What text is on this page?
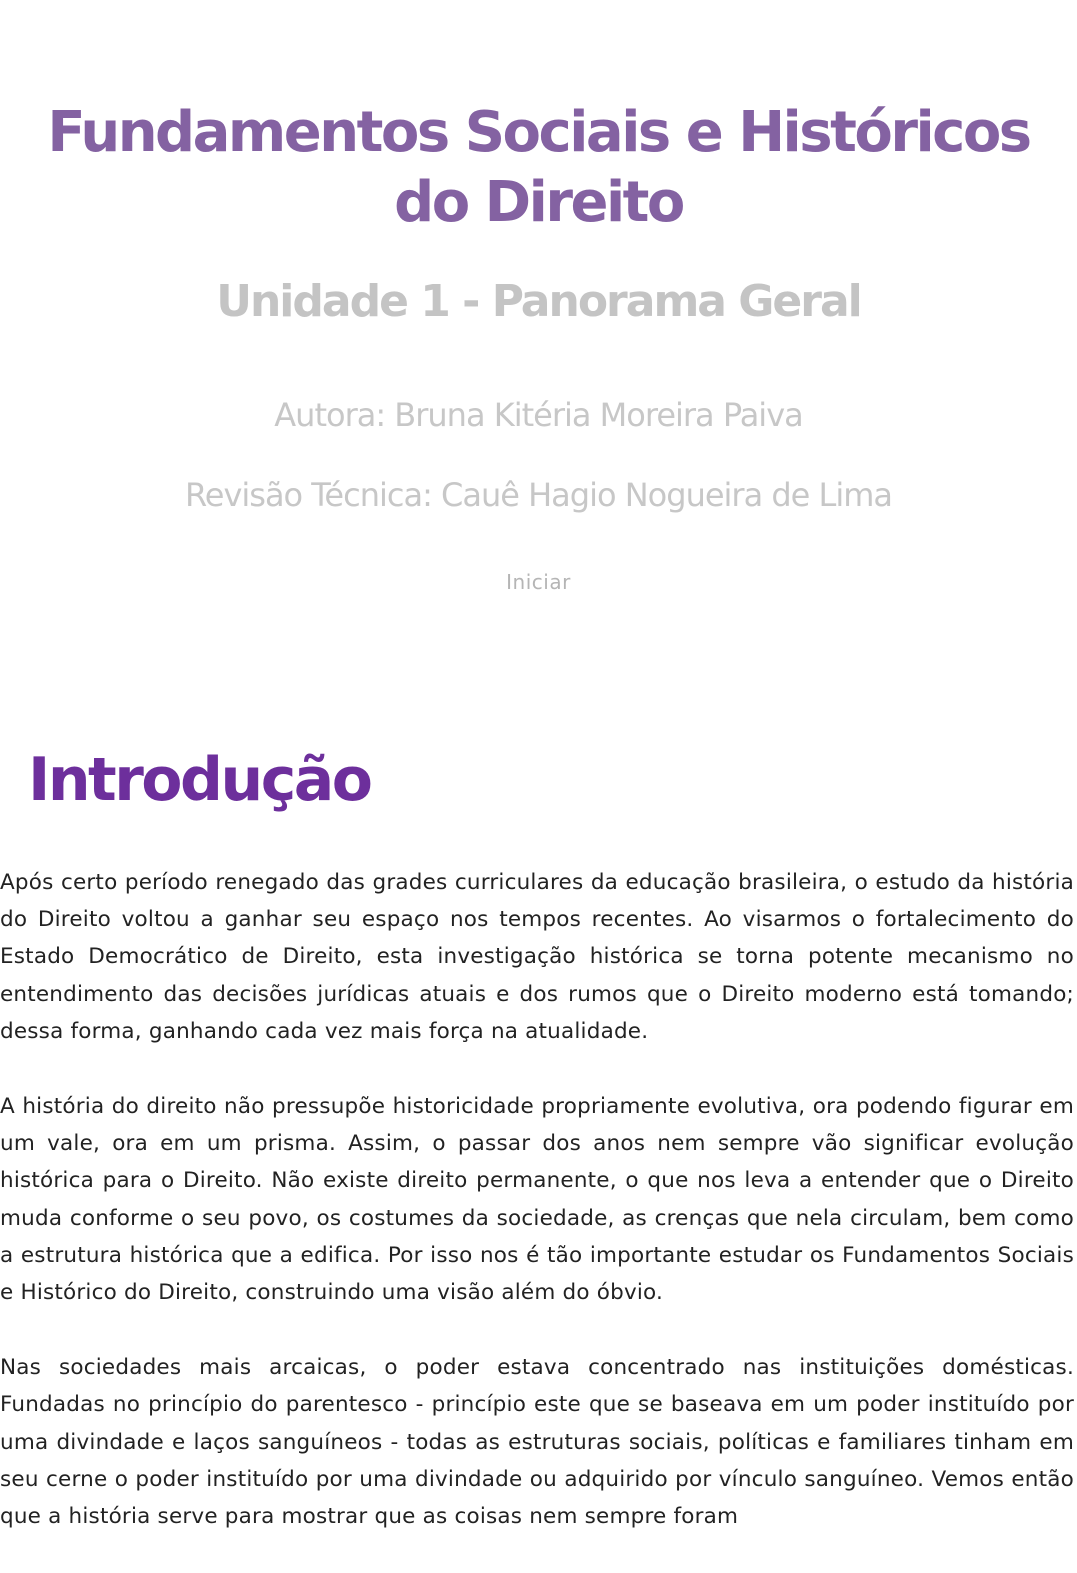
Fundamentos Sociais e Históricos do Direito
Unidade 1 - Panorama Geral

Autora: Bruna Kitéria Moreira Paiva

Revisão Técnica: Cauê Hagio Nogueira de Lima

Iniciar
Introdução

Após certo período renegado das grades curriculares da educação brasileira, o estudo da história do Direito voltou a ganhar seu espaço nos tempos recentes. Ao visarmos o fortalecimento do Estado Democrático de Direito, esta investigação histórica se torna potente mecanismo no entendimento das decisões jurídicas atuais e dos rumos que o Direito moderno está tomando; dessa forma, ganhando cada vez mais força na atualidade.

A história do direito não pressupõe historicidade propriamente evolutiva, ora podendo figurar em um vale, ora em um prisma. Assim, o passar dos anos nem sempre vão significar evolução histórica para o Direito. Não existe direito permanente, o que nos leva a entender que o Direito muda conforme o seu povo, os costumes da sociedade, as crenças que nela circulam, bem como a estrutura histórica que a edifica. Por isso nos é tão importante estudar os Fundamentos Sociais e Histórico do Direito, construindo uma visão além do óbvio.

Nas sociedades mais arcaicas, o poder estava concentrado nas instituições domésticas. Fundadas no princípio do parentesco - princípio este que se baseava em um poder instituído por uma divindade e laços sanguíneos - todas as estruturas sociais, políticas e familiares tinham em seu cerne o poder instituído por uma divindade ou adquirido por vínculo sanguíneo. Vemos então que a história serve para mostrar que as coisas nem sempre foram
